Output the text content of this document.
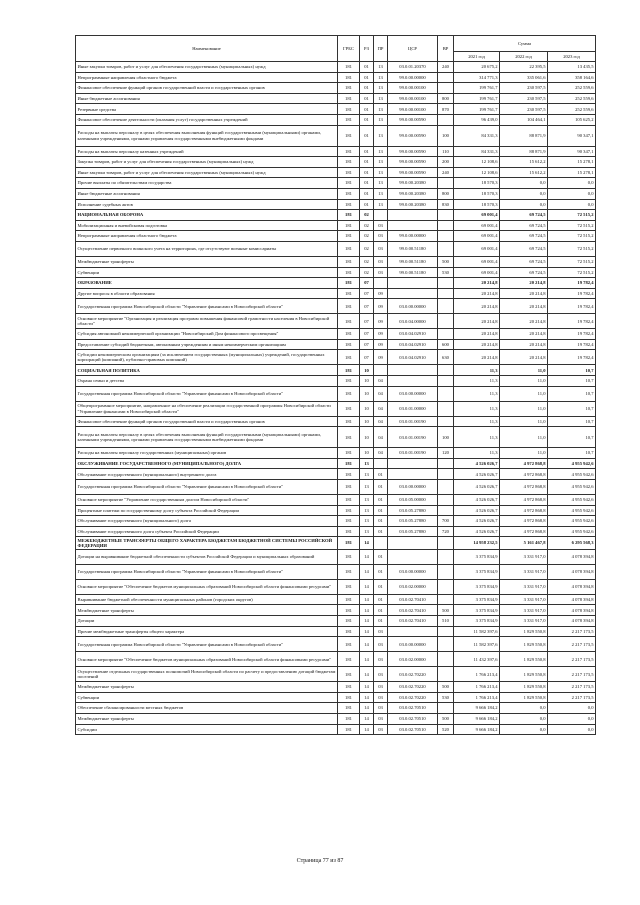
Наименование	ГРБС	РЗ	ПР	ЦСР	ВР	Сумма		
						2021 год	2022 год	2023 год
Иные закупки товаров, работ и услуг для обеспечения государственных (муниципальных) нужд	181	01	13	03.0.01.20370	240	20 675,2	22 395,5	13 435,5
Непрограммные направления областного бюджета	181	01	13	99.0.00.00000		314 771,3	335 061,6	358 164,6
Финансовое обеспечение функций органов государственной власти и государственных органов	181	01	13	99.0.00.00100		199 761,7	230 597,5	252 559,6
Иные бюджетные ассигнования	181	01	13	99.0.00.00100	800	199 761,7	230 597,5	252 559,6
Резервные средства	181	01	13	99.0.00.00100	870	199 761,7	230 597,5	252 559,6
Финансовое обеспечение деятельности (оказания услуг) государственных учреждений	181	01	13	99.0.00.00590		96 439,0	104 464,1	105 625,2
Расходы на выплаты персоналу в целях обеспечения выполнения функций государственными (муниципальными) органами, казенными учреждениями, органами управления государственными внебюджетными фондами	181	01	13	99.0.00.00590	100	84 331,3	88 871,9	90 347,1
Расходы на выплаты персоналу казенных учреждений	181	01	13	99.0.00.00590	110	84 331,3	88 871,9	90 347,1
Закупка товаров, работ и услуг для обеспечения государственных (муниципальных) нужд	181	01	13	99.0.00.00590	200	12 108,6	15 612,2	15 278,1
Иные закупки товаров, работ и услуг для обеспечения государственных (муниципальных) нужд	181	01	13	99.0.00.00590	240	12 108,6	15 612,2	15 278,1
Прочие выплаты по обязательствам государства	181	01	13	99.0.00.20380		18 570,3	0,0	0,0
Иные бюджетные ассигнования	181	01	13	99.0.00.20380	800	18 570,3	0,0	0,0
Исполнение судебных актов	181	01	13	99.0.00.20380	830	18 570,3	0,0	0,0
НАЦИОНАЛЬНАЯ ОБОРОНА	181	02				69 001,4	69 724,5	72 515,2
Мобилизационная и вневойсковая подготовка	181	02	03			69 001,4	69 724,5	72 515,2
Непрограммные направления областного бюджета	181	02	03	99.0.00.00000		69 001,4	69 724,5	72 515,2
Осуществление первичного воинского учета на территориях, где отсутствуют военные комиссариаты	181	02	03	99.0.00.51180		69 001,4	69 724,5	72 515,2
Межбюджетные трансферты	181	02	03	99.0.00.51180	500	69 001,4	69 724,5	72 515,2
Субвенции	181	02	03	99.0.00.51180	530	69 001,4	69 724,5	72 515,2
ОБРАЗОВАНИЕ	181	07				20 214,8	20 214,8	19 782,4
Другие вопросы в области образования	181	07	09			20 214,8	20 214,8	19 782,4
Государственная программа Новосибирской области "Управление финансами в Новосибирской области"	181	07	09	03.0.00.00000		20 214,8	20 214,8	19 782,4
Основное мероприятие "Организация и реализация программ повышения финансовой грамотности населения в Новосибирской области"	181	07	09	03.0.04.00000		20 214,8	20 214,8	19 782,4
Субсидия автономной некоммерческой организации "Новосибирский Дом финансового просвещения"	181	07	09	03.0.04.02910		20 214,8	20 214,8	19 782,4
Предоставление субсидий бюджетным, автономным учреждениям и иным некоммерческим организациям	181	07	09	03.0.04.02910	600	20 214,8	20 214,8	19 782,4
Субсидии некоммерческим организациям (за исключением государственных (муниципальных) учреждений, государственных корпораций (компаний), публично-правовых компаний)	181	07	09	03.0.04.02910	630	20 214,8	20 214,8	19 782,4
СОЦИАЛЬНАЯ ПОЛИТИКА	181	10				11,3	11,0	10,7
Охрана семьи и детства	181	10	04			11,3	11,0	10,7
Государственная программа Новосибирской области "Управление финансами в Новосибирской области"	181	10	04	03.0.00.00000		11,3	11,0	10,7
Общепрограммное мероприятие, направленное на обеспечение реализации государственной программы Новосибирской области "Управление финансами в Новосибирской области"	181	10	04	03.0.01.00000		11,3	11,0	10,7
Финансовое обеспечение функций органов государственной власти и государственных органов	181	10	04	03.0.01.00190		11,3	11,0	10,7
Расходы на выплаты персоналу в целях обеспечения выполнения функций государственными (муниципальными) органами, казенными учреждениями, органами управления государственными внебюджетными фондами	181	10	04	03.0.01.00190	100	11,3	11,0	10,7
Расходы на выплаты персоналу государственных (муниципальных) органов	181	10	04	03.0.01.00190	120	11,3	11,0	10,7
ОБСЛУЖИВАНИЕ ГОСУДАРСТВЕННОГО (МУНИЦИПАЛЬНОГО) ДОЛГА	181	13				4 526 026,7	4 972 868,8	4 955 942,6
Обслуживание государственного (муниципального) внутреннего долга	181	13	01			4 526 026,7	4 972 868,8	4 955 942,6
Государственная программа Новосибирской области "Управление финансами в Новосибирской области"	181	13	01	03.0.00.00000		4 526 026,7	4 972 868,8	4 955 942,6
Основное мероприятие "Управление государственным долгом Новосибирской области"	181	13	01	03.0.05.00000		4 526 026,7	4 972 868,8	4 955 942,6
Процентные платежи по государственному долгу субъекта Российской Федерации	181	13	01	03.0.05.27880		4 526 026,7	4 972 868,8	4 955 942,6
Обслуживание государственного (муниципального) долга	181	13	01	03.0.05.27880	700	4 526 026,7	4 972 868,8	4 955 942,6
Обслуживание государственного долга субъекта Российской Федерации	181	13	01	03.0.05.27880	720	4 526 026,7	4 972 868,8	4 955 942,6
МЕЖБЮДЖЕТНЫЕ ТРАНСФЕРТЫ ОБЩЕГО ХАРАКТЕРА БЮДЖЕТАМ БЮДЖЕТНОЙ СИСТЕМЫ РОССИЙСКОЙ ФЕДЕРАЦИИ	181	14				14 958 232,5	5 161 467,8	6 295 568,3
Дотации на выравнивание бюджетной обеспеченности субъектов Российской Федерации и муниципальных образований	181	14	01			3 375 834,9	3 331 917,0	4 078 394,8
Государственная программа Новосибирской области "Управление финансами в Новосибирской области"	181	14	01	03.0.00.00000		3 375 834,9	3 331 917,0	4 078 394,8
Основное мероприятие "Обеспечение бюджетов муниципальных образований Новосибирской области финансовыми ресурсами"	181	14	01	03.0.02.00000		3 375 834,9	3 331 917,0	4 078 394,8
Выравнивание бюджетной обеспеченности муниципальных районов (городских округов)	181	14	01	03.0.02.70410		3 375 834,9	3 331 917,0	4 078 394,8
Межбюджетные трансферты	181	14	01	03.0.02.70410	500	3 375 834,9	3 331 917,0	4 078 394,8
Дотации	181	14	01	03.0.02.70410	510	3 375 834,9	3 331 917,0	4 078 394,8
Прочие межбюджетные трансферты общего характера	181	14	03			11 582 397,6	1 829 550,8	2 217 173,5
Государственная программа Новосибирской области "Управление финансами в Новосибирской области"	181	14	03	03.0.00.00000		11 582 397,6	1 829 550,8	2 217 173,5
Основное мероприятие "Обеспечение бюджетов муниципальных образований Новосибирской области финансовыми ресурсами"	181	14	03	03.0.02.00000		11 432 397,6	1 829 550,8	2 217 173,5
Осуществление отдельных государственных полномочий Новосибирской области по расчету и предоставлению дотаций бюджетам поселений	181	14	03	03.0.02.70220		1 766 213,4	1 829 550,8	2 217 173,5
Межбюджетные трансферты	181	14	03	03.0.02.70220	500	1 766 213,4	1 829 550,8	2 217 173,5
Субвенции	181	14	03	03.0.02.70220	530	1 766 213,4	1 829 550,8	2 217 173,5
Обеспечение сбалансированности местных бюджетов	181	14	03	03.0.02.70510		9 666 184,2	0,0	0,0
Межбюджетные трансферты	181	14	03	03.0.02.70510	500	9 666 184,2	0,0	0,0
Субсидии	181	14	03	03.0.02.70510	520	9 666 184,2	0,0	0,0
Страница 77 из 87
